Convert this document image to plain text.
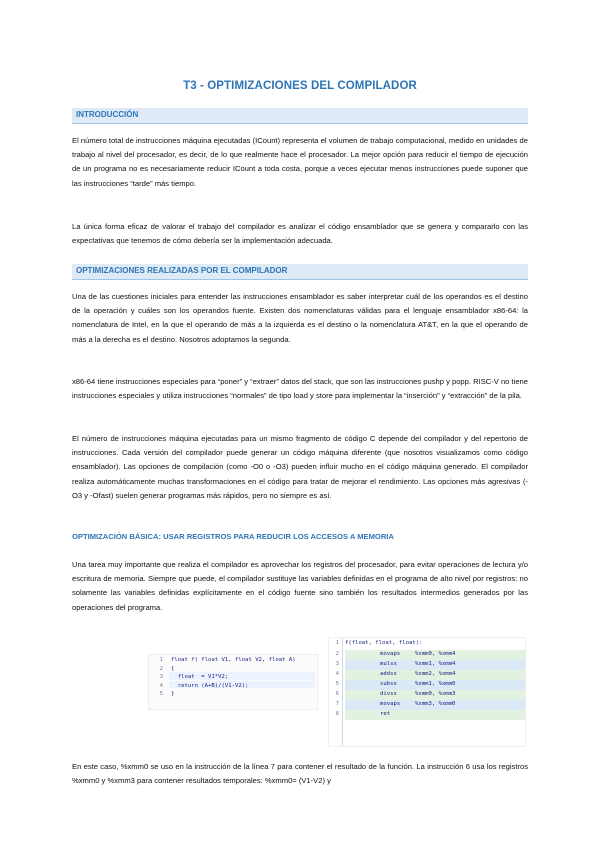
T3 - OPTIMIZACIONES DEL COMPILADOR
INTRODUCCIÓN
El número total de instrucciones máquina ejecutadas (ICount) representa el volumen de trabajo computacional, medido en unidades de trabajo al nivel del procesador, es decir, de lo que realmente hace el procesador. La mejor opción para reducir el tiempo de ejecución de un programa no es necesariamente reducir ICount a toda costa, porque a veces ejecutar menos instrucciones puede suponer que las instrucciones “tarde” más tiempo.
La única forma eficaz de valorar el trabajo del compilador es analizar el código ensamblador que se genera y compararlo con las expectativas que tenemos de cómo debería ser la implementación adecuada.
OPTIMIZACIONES REALIZADAS POR EL COMPILADOR
Una de las cuestiones iniciales para entender las instrucciones ensamblador es saber interpretar cuál de los operandos es el destino de la operación y cuáles son los operandos fuente. Existen dos nomenclaturas válidas para el lenguaje ensamblador x86-64: la nomenclatura de Intel, en la que el operando de más a la izquierda es el destino o la nomenclatura AT&T, en la que el operando de más a la derecha es el destino. Nosotros adoptamos la segunda.
x86-64 tiene instrucciones especiales para “poner” y “extraer” datos del stack, que son las instrucciones pushp y popp. RISC-V no tiene instrucciones especiales y utiliza instrucciones “normales” de tipo load y store para implementar la “inserción” y “extracción” de la pila.
El número de instrucciones máquina ejecutadas para un mismo fragmento de código C depende del compilador y del repertorio de instrucciones. Cada versión del compilador puede generar un código máquina diferente (que nosotros visualizamos como código ensamblador). Las opciones de compilación (como -O0 o -O3) pueden influir mucho en el código máquina generado. El compilador realiza automáticamente muchas transformaciones en el código para tratar de mejorar el rendimiento. Las opciones más agresivas (-O3 y -Ofast) suelen generar programas más rápidos, pero no siempre es así.
OPTIMIZACIÓN BÁSICA: USAR REGISTROS PARA REDUCIR LOS ACCESOS A MEMORIA
Una tarea muy importante que realiza el compilador es aprovechar los registros del procesador, para evitar operaciones de lectura y/o escritura de memoria. Siempre que puede, el compilador sustituye las variables definidas en el programa de alto nivel por registros: no solamente las variables definidas explícitamente en el código fuente sino también los resultados intermedios generados por las operaciones del programa.
1 float f( float V1, float V2, float A)
2 {
3 float  = V1*V2;
4 return (A+B)/(V1-V2);
5 }
1 f(float, float, float):
2	movaps	%xmm0, %xmm4
3	mulss	%xmm1, %xmm4
4	addss	%xmm2, %xmm4
5	subss	%xmm1, %xmm0
6	divss	%xmm0, %xmm3
7	movaps	%xmm3, %xmm0
8	ret
En este caso, %xmm0 se uso en la instrucción de la línea 7 para contener el resultado de la función. La instrucción 6 usa los registros %xmm0 y %xmm3 para contener resultados temporales: %xmm0= (V1-V2) y
